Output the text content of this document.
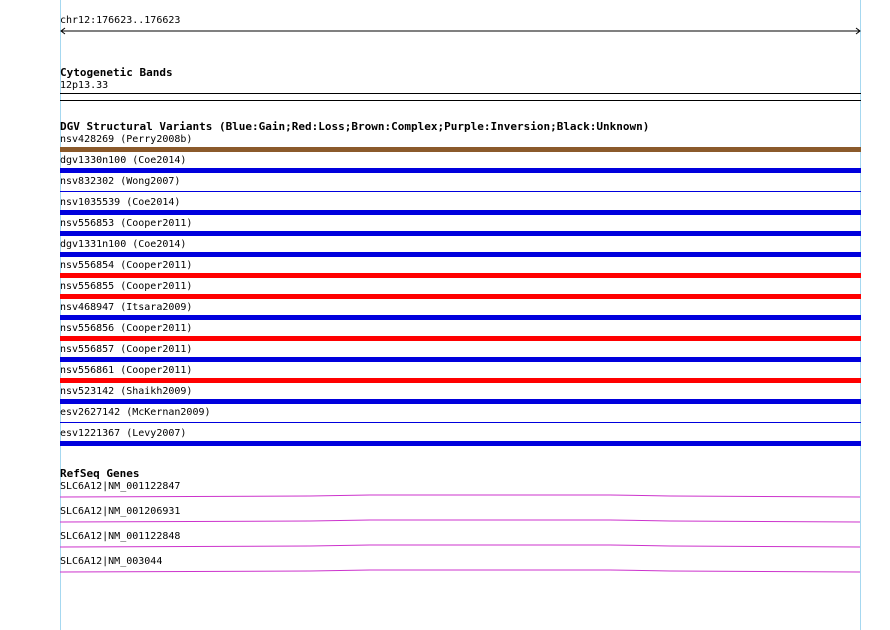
chr12:176623..176623
Cytogenetic Bands
12p13.33
DGV Structural Variants (Blue:Gain;Red:Loss;Brown:Complex;Purple:Inversion;Black:Unknown)
nsv428269 (Perry2008b)
dgv1330n100 (Coe2014)
nsv832302 (Wong2007)
nsv1035539 (Coe2014)
nsv556853 (Cooper2011)
dgv1331n100 (Coe2014)
nsv556854 (Cooper2011)
nsv556855 (Cooper2011)
nsv468947 (Itsara2009)
nsv556856 (Cooper2011)
nsv556857 (Cooper2011)
nsv556861 (Cooper2011)
nsv523142 (Shaikh2009)
esv2627142 (McKernan2009)
esv1221367 (Levy2007)
RefSeq Genes
SLC6A12|NM_001122847
SLC6A12|NM_001206931
SLC6A12|NM_001122848
SLC6A12|NM_003044
